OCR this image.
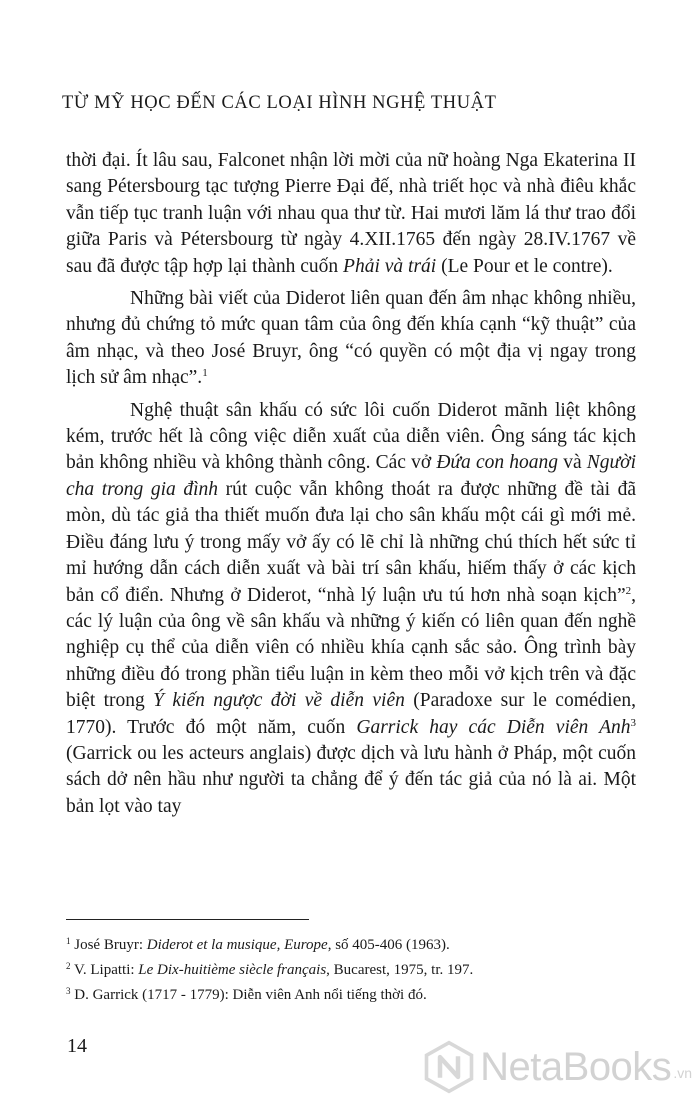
TỪ MỸ HỌC ĐẾN CÁC LOẠI HÌNH NGHỆ THUẬT

thời đại. Ít lâu sau, Falconet nhận lời mời của nữ hoàng Nga Ekaterina II sang Pétersbourg tạc tượng Pierre Đại đế, nhà triết học và nhà điêu khắc vẫn tiếp tục tranh luận với nhau qua thư từ. Hai mươi lăm lá thư trao đổi giữa Paris và Pétersbourg từ ngày 4.XII.1765 đến ngày 28.IV.1767 về sau đã được tập hợp lại thành cuốn Phải và trái (Le Pour et le contre).

Những bài viết của Diderot liên quan đến âm nhạc không nhiều, nhưng đủ chứng tỏ mức quan tâm của ông đến khía cạnh “kỹ thuật” của âm nhạc, và theo José Bruyr, ông “có quyền có một địa vị ngay trong lịch sử âm nhạc”.$^1$

Nghệ thuật sân khấu có sức lôi cuốn Diderot mãnh liệt không kém, trước hết là công việc diễn xuất của diễn viên. Ông sáng tác kịch bản không nhiều và không thành công. Các vở Đứa con hoang và Người cha trong gia đình rút cuộc vẫn không thoát ra được những đề tài đã mòn, dù tác giả tha thiết muốn đưa lại cho sân khấu một cái gì mới mẻ. Điều đáng lưu ý trong mấy vở ấy có lẽ chỉ là những chú thích hết sức tỉ mỉ hướng dẫn cách diễn xuất và bài trí sân khấu, hiếm thấy ở các kịch bản cổ điển. Nhưng ở Diderot, “nhà lý luận ưu tú hơn nhà soạn kịch”$^2$, các lý luận của ông về sân khấu và những ý kiến có liên quan đến nghề nghiệp cụ thể của diễn viên có nhiều khía cạnh sắc sảo. Ông trình bày những điều đó trong phần tiểu luận in kèm theo mỗi vở kịch trên và đặc biệt trong Ý kiến ngược đời về diễn viên (Paradoxe sur le comédien, 1770). Trước đó một năm, cuốn Garrick hay các Diễn viên Anh$^3$ (Garrick ou les acteurs anglais) được dịch và lưu hành ở Pháp, một cuốn sách dở nên hầu như người ta chẳng để ý đến tác giả của nó là ai. Một bản lọt vào tay

$^1$ José Bruyr: Diderot et la musique, Europe, số 405-406 (1963).
$^2$ V. Lipatti: Le Dix-huitième siècle français, Bucarest, 1975, tr. 197.
$^3$ D. Garrick (1717 - 1779): Diễn viên Anh nổi tiếng thời đó.
14	NetaBooks .vn
